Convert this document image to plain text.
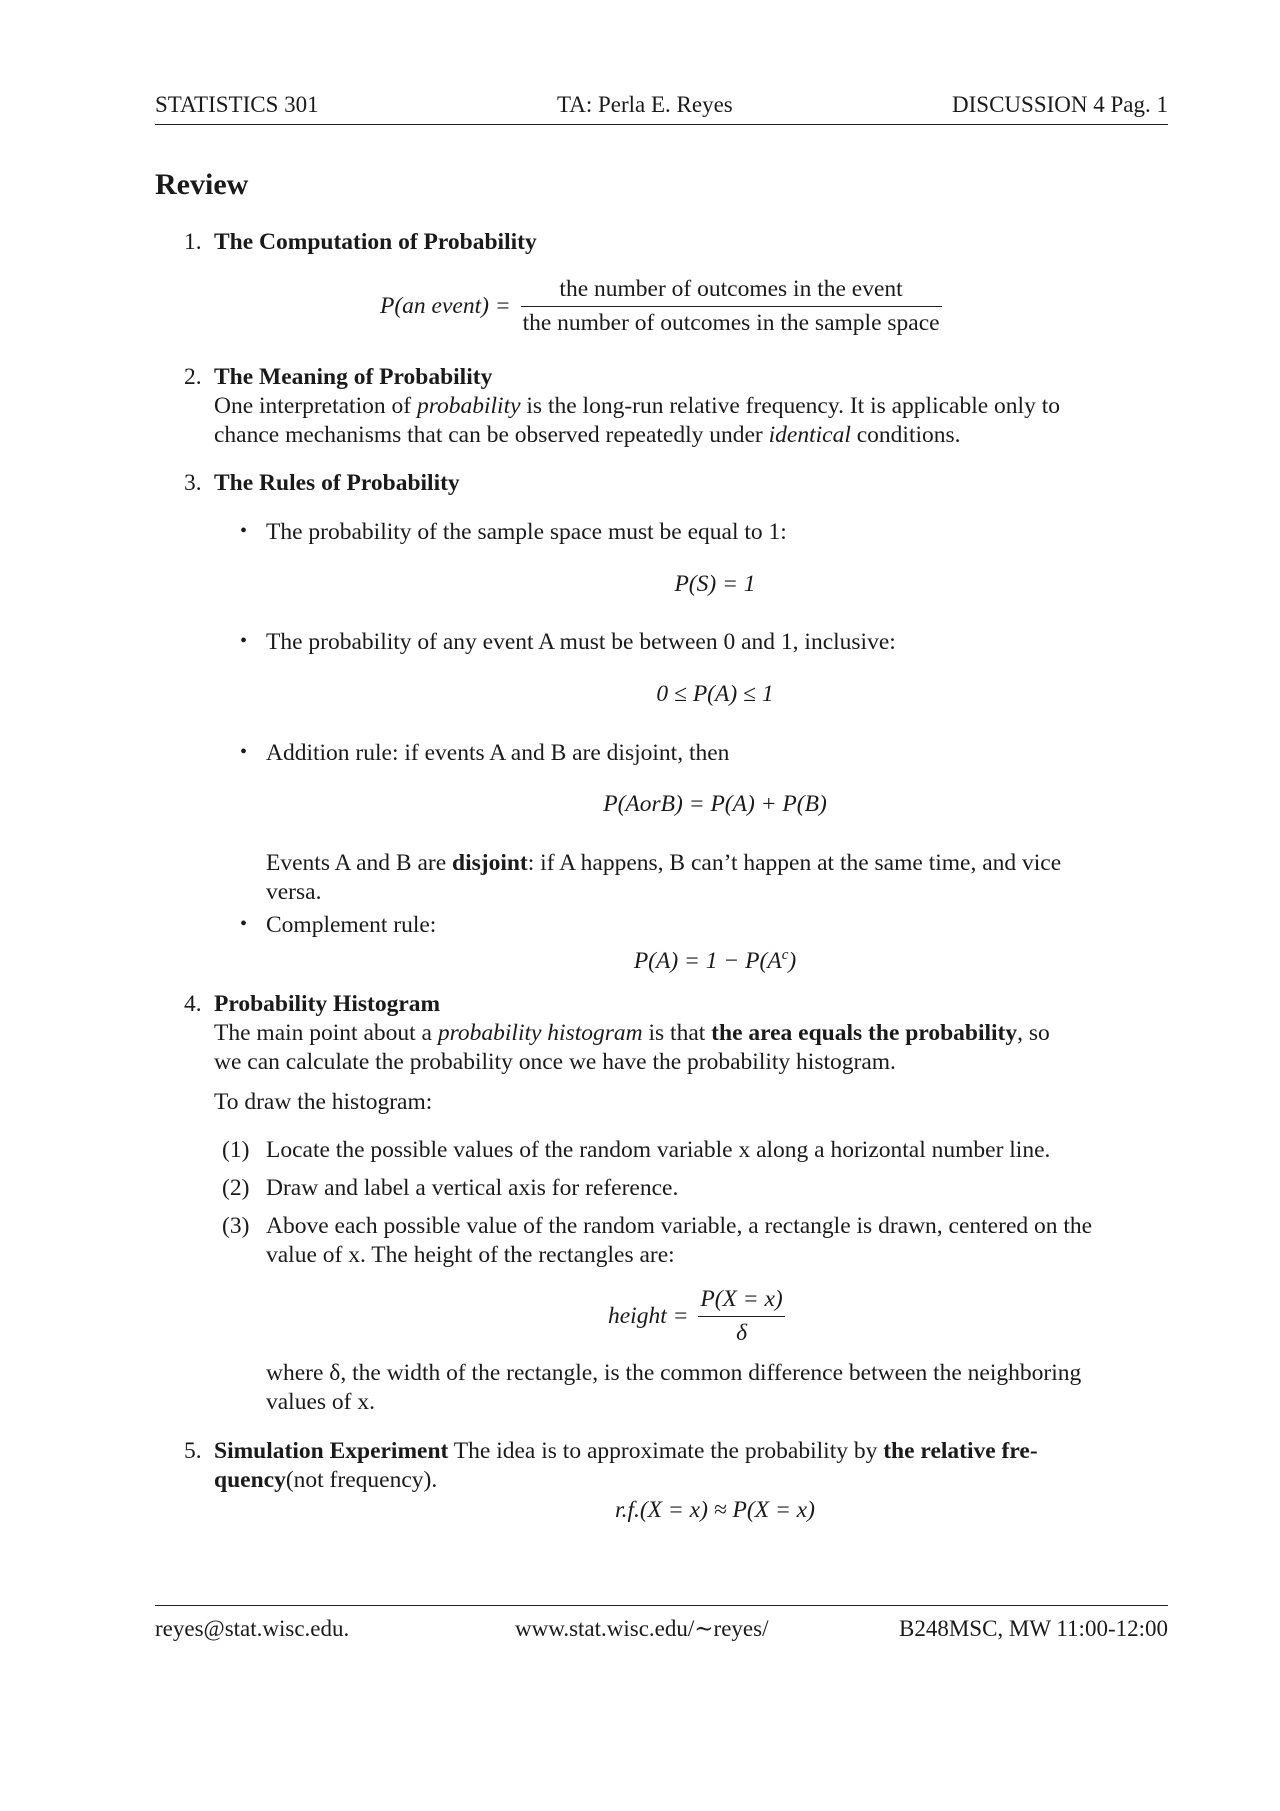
STATISTICS 301	TA: Perla E. Reyes	DISCUSSION 4 Pag. 1
Review
1. The Computation of Probability
P(an event) = $\frac{\text{the number of outcomes in the event}}{\text{the number of outcomes in the sample space}}$
2. The Meaning of Probability
One interpretation of probability is the long-run relative frequency. It is applicable only to
chance mechanisms that can be observed repeatedly under identical conditions.
3. The Rules of Probability
• The probability of the sample space must be equal to 1:
P(S) = 1
• The probability of any event A must be between 0 and 1, inclusive:
0 ≤ P(A) ≤ 1
• Addition rule: if events A and B are disjoint, then
P(AorB) = P(A) + P(B)
Events A and B are disjoint: if A happens, B can’t happen at the same time, and vice
versa.
• Complement rule:
$P(A) = 1 - P(A^c)$
4. Probability Histogram
The main point about a probability histogram is that the area equals the probability, so
we can calculate the probability once we have the probability histogram.
To draw the histogram:
(1) Locate the possible values of the random variable x along a horizontal number line.
(2) Draw and label a vertical axis for reference.
(3) Above each possible value of the random variable, a rectangle is drawn, centered on the
value of x. The height of the rectangles are:
height = $\frac{P(X = x)}{\delta}$
where δ, the width of the rectangle, is the common difference between the neighboring
values of x.
5. Simulation Experiment The idea is to approximate the probability by the relative fre-
quency(not frequency).
r.f.(X = x) ≈ P(X = x)
reyes@stat.wisc.edu.	www.stat.wisc.edu/∼reyes/	B248MSC, MW 11:00-12:00
